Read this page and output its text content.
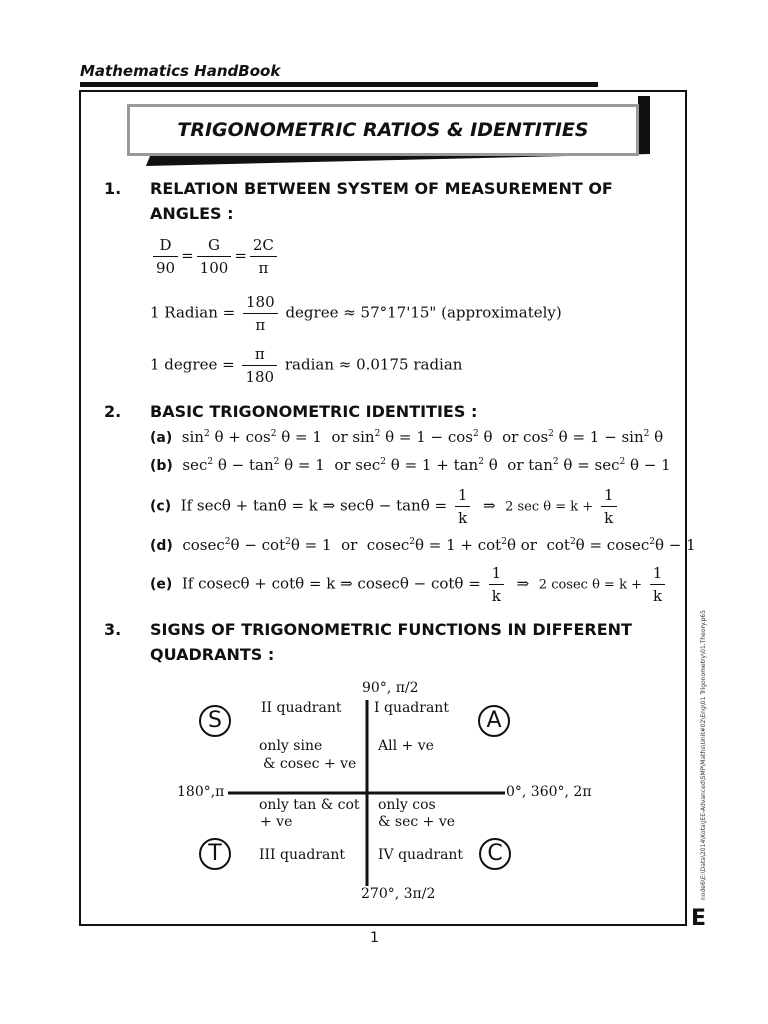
Mathematics HandBook
TRIGONOMETRIC RATIOS & IDENTITIES
1. RELATION BETWEEN SYSTEM OF MEASUREMENT OF ANGLES :
$\frac{D}{90} = \frac{G}{100} = \frac{2C}{\pi}$
1 Radian = $\frac{180}{\pi}$ degree ≈ 57°17'15" (approximately)
1 degree = $\frac{\pi}{180}$ radian ≈ 0.0175 radian
2. BASIC TRIGONOMETRIC IDENTITIES :
(a)  $\sin^2 \theta + \cos^2 \theta = 1$  or $\sin^2 \theta = 1 - \cos^2 \theta$  or $\cos^2 \theta = 1 - \sin^2 \theta$
(b)  $\sec^2 \theta - \tan^2 \theta = 1$  or $\sec^2 \theta = 1 + \tan^2 \theta$  or $\tan^2 \theta = \sec^2 \theta - 1$
(c) If secθ + tanθ = k ⇒ $\sec\theta - \tan\theta = \frac{1}{k}$ ⇒ 2 $\sec \theta = k + \frac{1}{k}$
(d)  $cosec^2\theta - \cot^2\theta = 1$  or  $cosec^2\theta = 1 + \cot^2\theta$ or  $\cot^2\theta = cosec^2\theta - 1$
(e) If cosecθ + cotθ = k ⇒ $cosec\theta - \cot\theta = \frac{1}{k}$ ⇒ 2 cosec $\theta = k + \frac{1}{k}$
3. SIGNS OF TRIGONOMETRIC FUNCTIONS IN DIFFERENT QUADRANTS :
90°, π/2
180°,π	0°, 360°, 2π
270°, 3π/2
II quadrant
only sine
& cosec + ve
S	I quadrant
All + ve
A
only tan & cot
+ ve
III quadrant
T
only cos
& sec + ve
IV quadrant	C	node6\E:\Data\2014\Kota\JEE-Advanced\SMP\Maths\Unit#02\Eng\01 Trigonometry\01.Theory.p65
E
1
